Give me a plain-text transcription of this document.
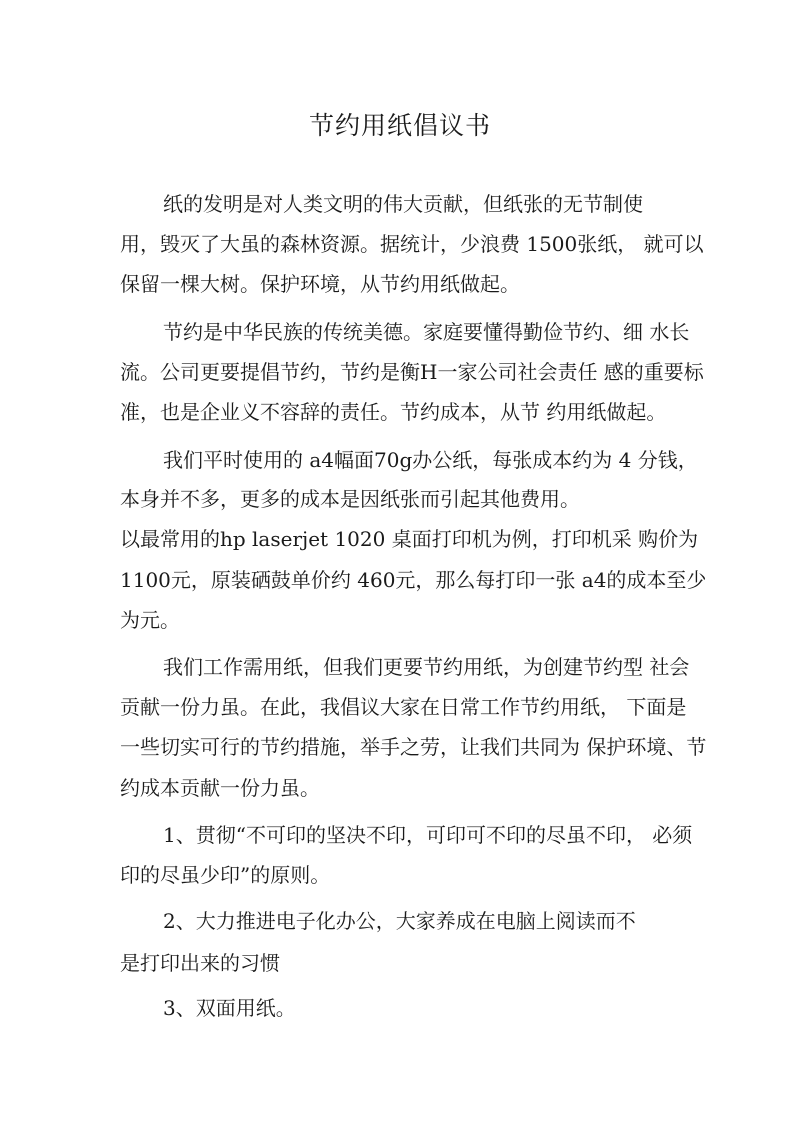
节约用纸倡议书
纸的发明是对人类文明的伟大贡献，但纸张的无节制使
用，毁灭了大虽的森林资源。据统计，少浪费 1500张纸， 就可以
保留一棵大树。保护环境，从节约用纸做起。
节约是中华民族的传统美德。家庭要懂得勤俭节约、细 水长
流。公司更要提倡节约，节约是衡H一家公司社会责任 感的重要标
准，也是企业义不容辞的责任。节约成本，从节 约用纸做起。
我们平时使用的 a4幅面70g办公纸，每张成本约为 4 分钱，
本身并不多，更多的成本是因纸张而引起其他费用。
以最常用的hp laserjet 1020 桌面打印机为例，打印机采 购价为
1100元，原装硒鼓单价约 460元，那么每打印一张 a4的成本至少
为元。
我们工作需用纸，但我们更要节约用纸，为创建节约型 社会
贡献一份力虽。在此，我倡议大家在日常工作节约用纸， 下面是
一些切实可行的节约措施，举手之劳，让我们共同为 保护环境、节
约成本贡献一份力虽。
1、贯彻“不可印的坚决不印，可印可不印的尽虽不印， 必须
印的尽虽少印”的原则。
2、大力推进电子化办公，大家养成在电脑上阅读而不
是打印出来的习惯
3、双面用纸。
